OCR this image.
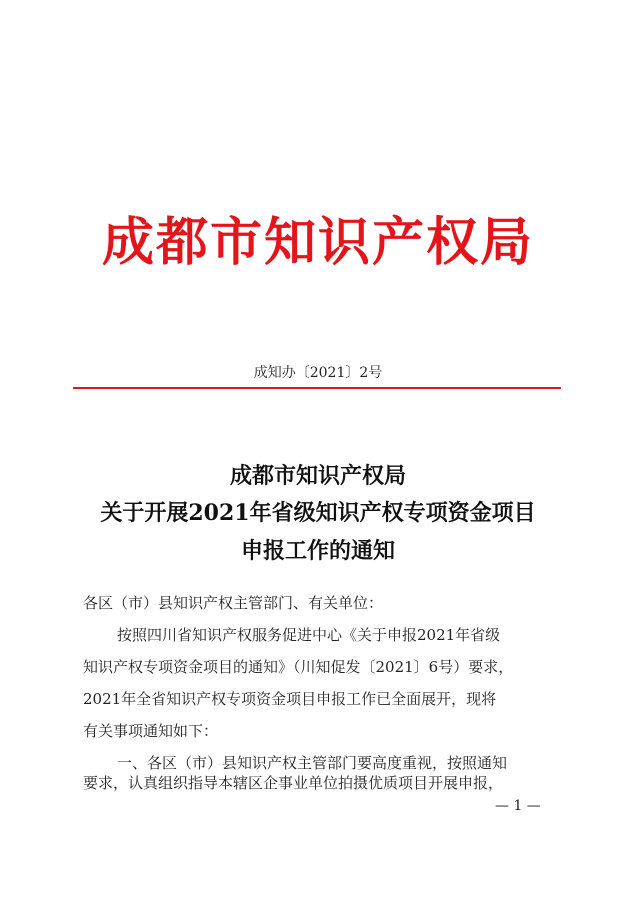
成都市知识产权局
成知办〔2021〕2号
成都市知识产权局
关于开展2021年省级知识产权专项资金项目
申报工作的通知
各区（市）县知识产权主管部门、有关单位：
按照四川省知识产权服务促进中心《关于申报2021年省级
知识产权专项资金项目的通知》（川知促发〔2021〕6号）要求，
2021年全省知识产权专项资金项目申报工作已全面展开，现将
有关事项通知如下：
一、各区（市）县知识产权主管部门要高度重视，按照通知
要求，认真组织指导本辖区企事业单位拍摄优质项目开展申报，
— 1 —
